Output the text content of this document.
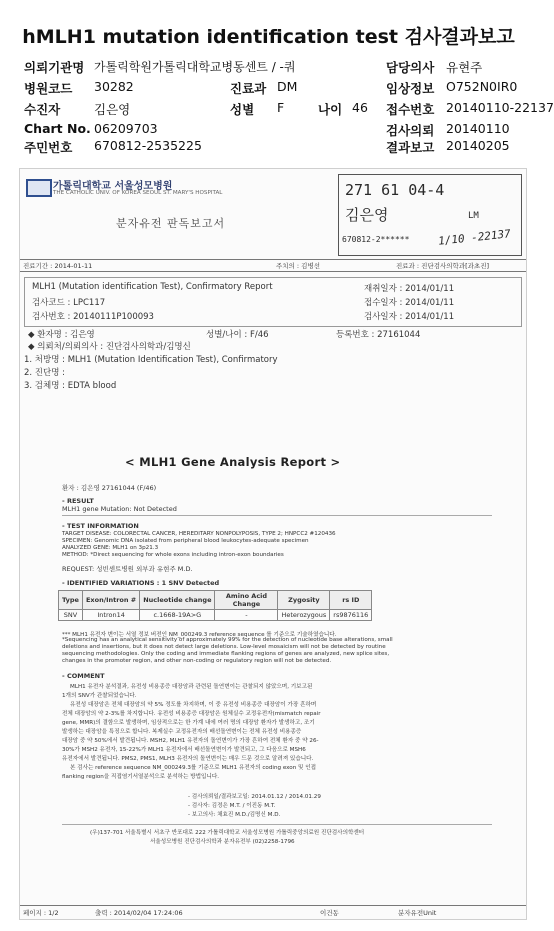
hMLH1 mutation identification test 검사결과보고
의뢰기관명 가톨릭학원가톨릭대학교병동센트 / -쿼	담당의사 유현주
병원코드 30282	진료과 DM	임상정보 O752N0IR0
수진자	김은영	성별 F	나이 46 접수번호 20140110-22137
Chart No. 06209703	검사의뢰 20140110
주민번호 670812-2535225	결과보고 20140205
가톨릭대학교 서울성모병원
THE CATHOLIC UNIV. OF KOREA SEOUL ST. MARY'S HOSPITAL
분자유전 판독보고서
271 61 04-4
김은영	LM
670812-2******	1/10 -22137
진료기간 : 2014-01-11	주치의 : 김병선	진료과 : 진단검사의학과[과초진]
MLH1 (Mutation identification Test), Confirmatory Report
검사코드 : LPC117
검사번호 : 20140111P100093
재취일자 : 2014/01/11
접수일자 : 2014/01/11
검사일자 : 2014/01/11
◆ 환자명 : 김은영	성별/나이 : F/46	등록번호 : 27161044
◆ 의뢰처/의뢰의사 : 진단검사의학과/김명신
1. 처방명 : MLH1 (Mutation Identification Test), Confirmatory
2. 진단명 :
3. 검체명 : EDTA blood
< MLH1 Gene Analysis Report >
환자 : 김은영 27161044 (F/46)
- RESULT
MLH1 gene Mutation: Not Detected
- TEST INFORMATION
TARGET DISEASE: COLORECTAL CANCER, HEREDITARY NONPOLYPOSIS, TYPE 2; HNPCC2 #120436
SPECIMEN: Genomic DNA isolated from peripheral blood leukocytes-adequate specimen
ANALYZED GENE: MLH1 on 3p21.3
METHOD: *Direct sequencing for whole exons including intron-exon boundaries
REQUEST: 성빈센트병원 외부과 유현주 M.D.
- IDENTIFIED VARIATIONS : 1 SNV Detected
Type	Exon/Intron #	Nucleotide change	Amino Acid Change	Zygosity	rs ID
SNV	Intron14	c.1668-19A>G	-	Heterozygous	rs9876116
*** MLH1 유전자 변이는 서열 정보 버전인 NM_000249.3 reference sequence 를 기준으로 기술하였습니다.
*Sequencing has an analytical sensitivity of approximately 99% for the detection of nucleotide base alterations, small
deletions and insertions, but it does not detect large deletions. Low-level mosaicism will not be detected by routine
sequencing methodologies. Only the coding and immediate flanking regions of genes are analyzed, new splice sites,
changes in the promoter region, and other non-coding or regulatory region will not be detected.
- COMMENT
MLH1 유전자 분석결과, 유전성 비용종증 대장암과 관련된 돌연변이는 관찰되지 않았으며, 기보고된
1개의 SNV가 관찰되었습니다.
유전성 대장암은 전체 대장암의 약 5% 정도를 차지하며, 이 중 유전성 비용종증 대장암이 가장 흔하며
전체 대장암의 약 2-3%를 차지합니다. 유전성 비용종증 대장암은 원체실수 교정유전자(mismatch repair
gene, MMR)의 결함으로 발생하며, 임상적으로는 한 가계 내에 여러 명의 대장암 환자가 발생하고, 조기
발생하는 대장암을 특징으로 합니다. 복제실수 교정유전자의 배선돌연변이는 전체 유전성 비용종증
대장암 중 약 50%에서 발견됩니다. MSH2, MLH1 유전자의 돌연변이가 가장 흔하여 전체 환자 중 약 26-
30%가 MSH2 유전자, 15-22%가 MLH1 유전자에서 배선돌연변이가 발견되고, 그 다음으로 MSH6
유전자에서 발견됩니다. PMS2, PMS1, MLH3 유전자의 돌연변이는 매우 드문 것으로 알려져 있습니다.
본 검사는 reference sequence NM_000249.3를 기준으로 MLH1 유전자의 coding exon 및 인접
flanking region을 직접염기서열분석으로 분석하는 방법입니다.
- 검사의뢰일/결과보고일: 2014.01.12 / 2014.01.29
- 검사자: 김정은 M.T. / 이진동 M.T.
- 보고의사: 채효진 M.D./김명신 M.D.
(우)137-701 서울특별시 서초구 반포대로 222 가톨릭대학교 서울성모병원 가톨릭중앙의료원 진단검사의학센터
서울성모병원 진단검사의학과 분자유전부 (02)2258-1796
페이지 : 1/2	출력 : 2014/02/04 17:24:06	이건동	분자유전Unit
